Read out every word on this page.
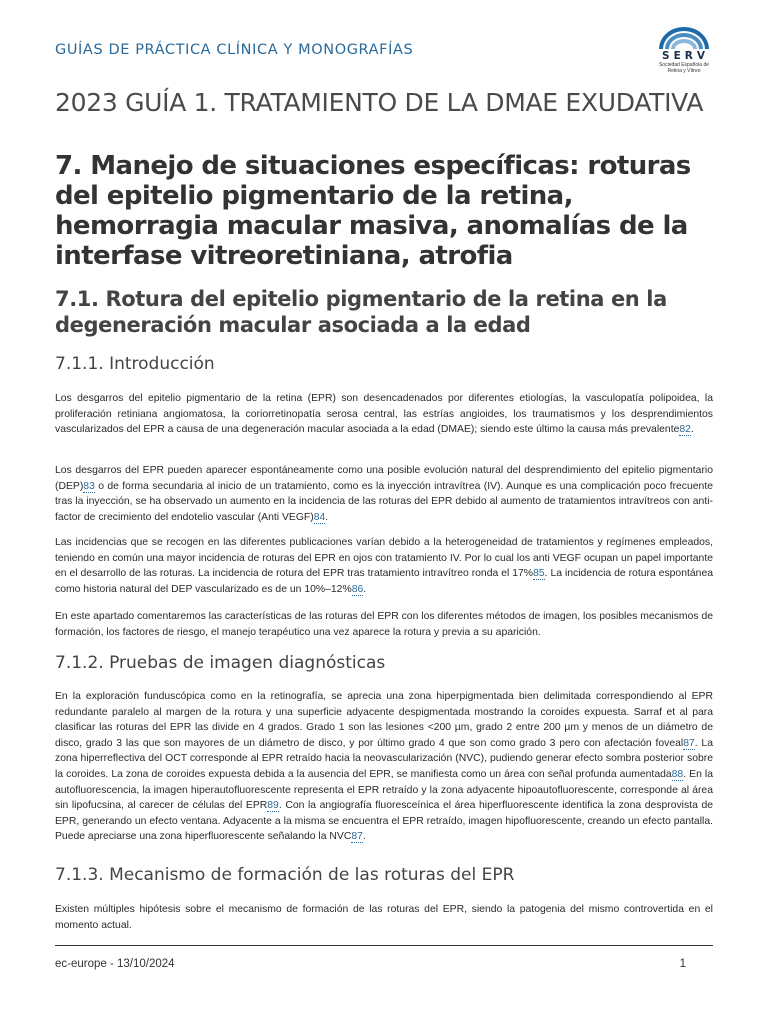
GUÍAS DE PRÁCTICA CLÍNICA Y MONOGRAFÍAS	SERV
Sociedad Española de Retina y Vítreo
2023 GUÍA 1. TRATAMIENTO DE LA DMAE EXUDATIVA
7. Manejo de situaciones específicas: roturas del epitelio pigmentario de la retina, hemorragia macular masiva, anomalías de la interfase vitreoretiniana, atrofia
7.1. Rotura del epitelio pigmentario de la retina en la degeneración macular asociada a la edad
7.1.1. Introducción

Los desgarros del epitelio pigmentario de la retina (EPR) son desencadenados por diferentes etiologías, la vasculopatía polipoidea, la proliferación retiniana angiomatosa, la coriorretinopatía serosa central, las estrías angioides, los traumatismos y los desprendimientos vascularizados del EPR a causa de una degeneración macular asociada a la edad (DMAE); siendo este último la causa más prevalente82.

Los desgarros del EPR pueden aparecer espontáneamente como una posible evolución natural del desprendimiento del epitelio pigmentario (DEP)83 o de forma secundaria al inicio de un tratamiento, como es la inyección intravítrea (IV). Aunque es una complicación poco frecuente tras la inyección, se ha observado un aumento en la incidencia de las roturas del EPR debido al aumento de tratamientos intravítreos con anti-factor de crecimiento del endotelio vascular (Anti VEGF)84.

Las incidencias que se recogen en las diferentes publicaciones varían debido a la heterogeneidad de tratamientos y regímenes empleados, teniendo en común una mayor incidencia de roturas del EPR en ojos con tratamiento IV. Por lo cual los anti VEGF ocupan un papel importante en el desarrollo de las roturas. La incidencia de rotura del EPR tras tratamiento intravítreo ronda el 17%85. La incidencia de rotura espontánea como historia natural del DEP vascularizado es de un 10%–12%86.

En este apartado comentaremos las características de las roturas del EPR con los diferentes métodos de imagen, los posibles mecanismos de formación, los factores de riesgo, el manejo terapéutico una vez aparece la rotura y previa a su aparición.

7.1.2. Pruebas de imagen diagnósticas

En la exploración funduscópica como en la retinografía, se aprecia una zona hiperpigmentada bien delimitada correspondiendo al EPR redundante paralelo al margen de la rotura y una superficie adyacente despigmentada mostrando la coroides expuesta. Sarraf et al para clasificar las roturas del EPR las divide en 4 grados. Grado 1 son las lesiones <200 µm, grado 2 entre 200 µm y menos de un diámetro de disco, grado 3 las que son mayores de un diámetro de disco, y por último grado 4 que son como grado 3 pero con afectación foveal87. La zona hiperreflectiva del OCT corresponde al EPR retraído hacia la neovascularización (NVC), pudiendo generar efecto sombra posterior sobre la coroides. La zona de coroides expuesta debida a la ausencia del EPR, se manifiesta como un área con señal profunda aumentada88. En la autofluorescencia, la imagen hiperautofluorescente representa el EPR retraído y la zona adyacente hipoautofluorescente, corresponde al área sin lipofucsina, al carecer de células del EPR89. Con la angiografía fluoresceínica el área hiperfluorescente identifica la zona desprovista de EPR, generando un efecto ventana. Adyacente a la misma se encuentra el EPR retraído, imagen hipofluorescente, creando un efecto pantalla. Puede apreciarse una zona hiperfluorescente señalando la NVC87.

7.1.3. Mecanismo de formación de las roturas del EPR

Existen múltiples hipótesis sobre el mecanismo de formación de las roturas del EPR, siendo la patogenia del mismo controvertida en el momento actual.

ec-europe - 13/10/2024	1
